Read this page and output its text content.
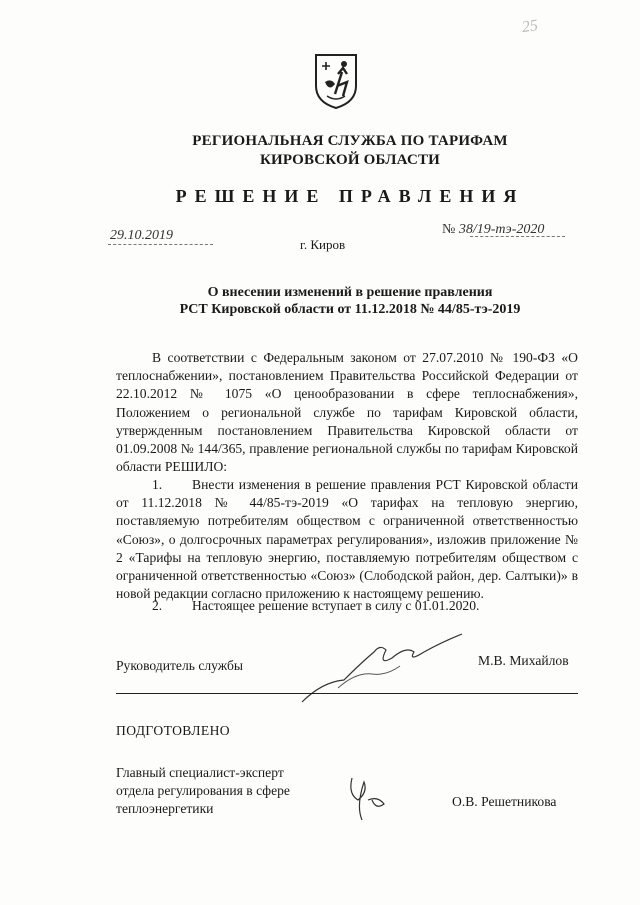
25
РЕГИОНАЛЬНАЯ СЛУЖБА ПО ТАРИФАМ
КИРОВСКОЙ ОБЛАСТИ
РЕШЕНИЕ ПРАВЛЕНИЯ
29.10.2019
г. Киров
№ 38/19-тэ-2020
О внесении изменений в решение правления
РСТ Кировской области от 11.12.2018 № 44/85-тэ-2019
В соответствии с Федеральным законом от 27.07.2010 № 190-ФЗ «О теплоснабжении», постановлением Правительства Российской Федерации от 22.10.2012 № 1075 «О ценообразовании в сфере теплоснабжения», Положением о региональной службе по тарифам Кировской области, утвержденным постановлением Правительства Кировской области от 01.09.2008 № 144/365, правление региональной службы по тарифам Кировской области РЕШИЛО:
1. Внести изменения в решение правления РСТ Кировской области от 11.12.2018 № 44/85-тэ-2019 «О тарифах на тепловую энергию, поставляемую потребителям обществом с ограниченной ответственностью «Союз», о долгосрочных параметрах регулирования», изложив приложение № 2 «Тарифы на тепловую энергию, поставляемую потребителям обществом с ограниченной ответственностью «Союз» (Слободской район, дер. Салтыки)» в новой редакции согласно приложению к настоящему решению.
2. Настоящее решение вступает в силу с 01.01.2020.
Руководитель службы	М.В. Михайлов
ПОДГОТОВЛЕНО
Главный специалист-эксперт
отдела регулирования в сфере
теплоэнергетики	О.В. Решетникова
